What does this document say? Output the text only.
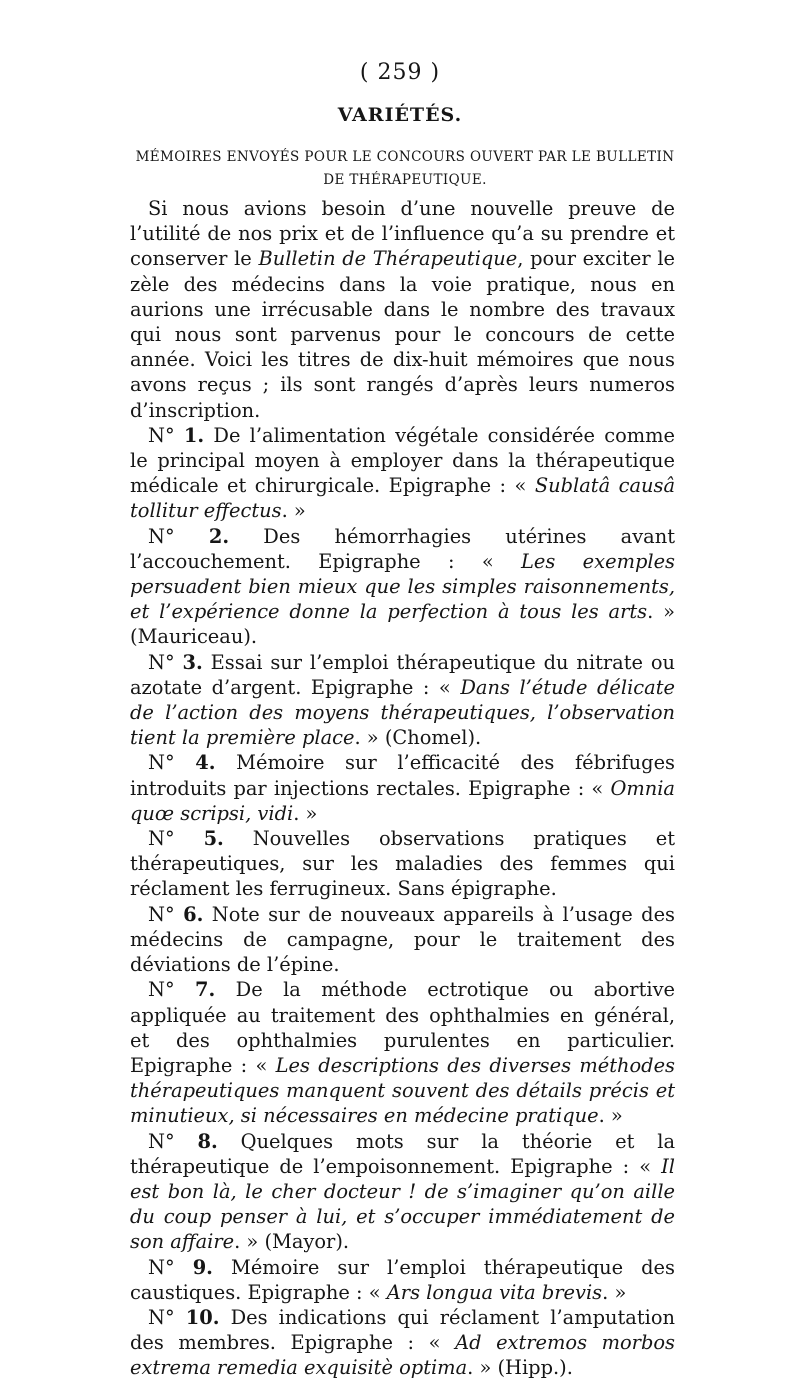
( 259 )
VARIÉTÉS.
MÉMOIRES ENVOYÉS POUR LE CONCOURS OUVERT PAR LE BULLETIN DE THÉRAPEUTIQUE.

Si nous avions besoin d’une nouvelle preuve de l’utilité de nos prix et de l’influence qu’a su prendre et conserver le Bulletin de Thérapeutique, pour exciter le zèle des médecins dans la voie pratique, nous en aurions une irrécusable dans le nombre des travaux qui nous sont parvenus pour le concours de cette année. Voici les titres de dix-huit mémoires que nous avons reçus ; ils sont rangés d’après leurs numeros d’inscription.

N° 1. De l’alimentation végétale considérée comme le principal moyen à employer dans la thérapeutique médicale et chirurgicale. Epigraphe : « Sublatâ causâ tollitur effectus. »

N° 2. Des hémorrhagies utérines avant l’accouchement. Epigraphe : « Les exemples persuadent bien mieux que les simples raisonnements, et l’expérience donne la perfection à tous les arts. » (Mauriceau).

N° 3. Essai sur l’emploi thérapeutique du nitrate ou azotate d’argent. Epigraphe : « Dans l’étude délicate de l’action des moyens thérapeutiques, l’observation tient la première place. » (Chomel).

N° 4. Mémoire sur l’efficacité des fébrifuges introduits par injections rectales. Epigraphe : « Omnia quœ scripsi, vidi. »

N° 5. Nouvelles observations pratiques et thérapeutiques, sur les maladies des femmes qui réclament les ferrugineux. Sans épigraphe.

N° 6. Note sur de nouveaux appareils à l’usage des médecins de campagne, pour le traitement des déviations de l’épine.

N° 7. De la méthode ectrotique ou abortive appliquée au traitement des ophthalmies en général, et des ophthalmies purulentes en particulier. Epigraphe : « Les descriptions des diverses méthodes thérapeutiques manquent souvent des détails précis et minutieux, si nécessaires en médecine pratique. »

N° 8. Quelques mots sur la théorie et la thérapeutique de l’empoisonnement. Epigraphe : « Il est bon là, le cher docteur ! de s’imaginer qu’on aille du coup penser à lui, et s’occuper immédiatement de son affaire. » (Mayor).

N° 9. Mémoire sur l’emploi thérapeutique des caustiques. Epigraphe : « Ars longua vita brevis. »

N° 10. Des indications qui réclament l’amputation des membres. Epigraphe : « Ad extremos morbos extrema remedia exquisitè optima. » (Hipp.).
